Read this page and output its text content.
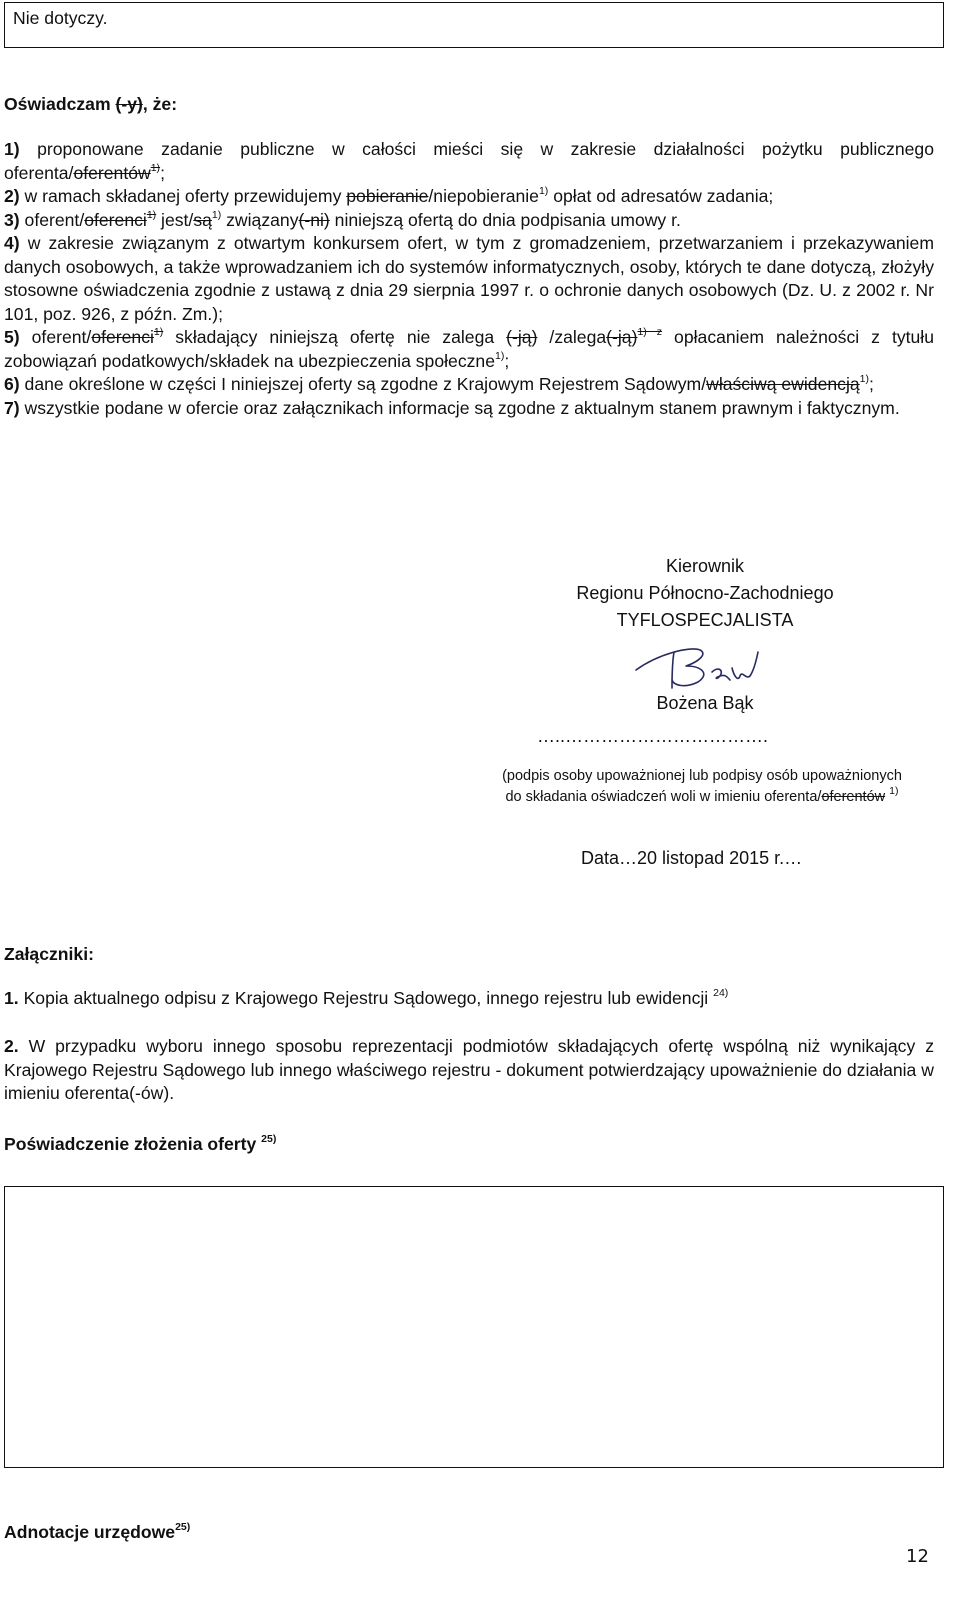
Nie dotyczy.
Oświadczam (-y), że:
1) proponowane zadanie publiczne w całości mieści się w zakresie działalności pożytku publicznego oferenta/oferentów$^{1)}$;
2) w ramach składanej oferty przewidujemy pobieranie/niepobieranie$^{1)}$ opłat od adresatów zadania;
3) oferent/oferenci$^{1)}$ jest/$są^{1)}$ związany(-ni) niniejszą ofertą do dnia podpisania umowy r.
4) w zakresie związanym z otwartym konkursem ofert, w tym z gromadzeniem, przetwarzaniem i przekazywaniem danych osobowych, a także wprowadzaniem ich do systemów informatycznych, osoby, których te dane dotyczą, złożyły stosowne oświadczenia zgodnie z ustawą z dnia 29 sierpnia 1997 r. o ochronie danych osobowych (Dz. U. z 2002 r. Nr 101, poz. 926, z późn. Zm.);
5) oferent/oferenci$^{1)}$ składający niniejszą ofertę nie zalega (-ją) /zalega(-ją)$^{1) z}$ opłacaniem należności z tytułu zobowiązań podatkowych/składek na ubezpieczenia społeczne$^{1)}$;
6) dane określone w części I niniejszej oferty są zgodne z Krajowym Rejestrem Sądowym/właściwą ewidencją$^{1)}$;
7) wszystkie podane w ofercie oraz załącznikach informacje są zgodne z aktualnym stanem prawnym i faktycznym.
Kierownik
Regionu Północno-Zachodniego
TYFLOSPECJALISTA
Bożena Bąk
…..…………………………….
(podpis osoby upoważnionej lub podpisy osób upoważnionych
do składania oświadczeń woli w imieniu oferenta/oferentów $^{1)}$
Data…20 listopad 2015 r.…
Załączniki:
1. Kopia aktualnego odpisu z Krajowego Rejestru Sądowego, innego rejestru lub ewidencji $^{24)}$
2. W przypadku wyboru innego sposobu reprezentacji podmiotów składających ofertę wspólną niż wynikający z Krajowego Rejestru Sądowego lub innego właściwego rejestru - dokument potwierdzający upoważnienie do działania w imieniu oferenta(-ów).
Poświadczenie złożenia oferty $^{25)}$
Adnotacje urzędowe$^{25)}$
12
